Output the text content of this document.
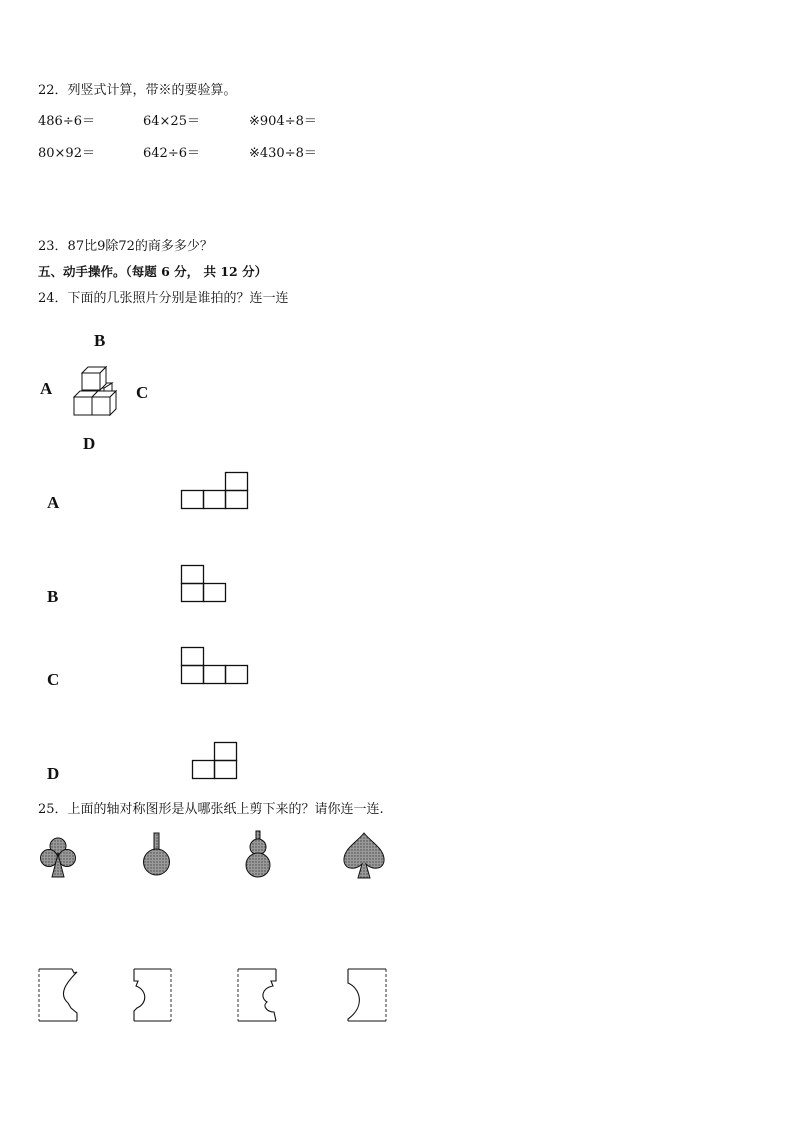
22．列竖式计算，带※的要验算。
486÷6＝	64×25＝	※904÷8＝
80×92＝	642÷6＝	※430÷8＝
23．87比9除72的商多多少？
五、动手操作。（每题 6 分， 共 12 分）
24．下面的几张照片分别是谁拍的？连一连
B
A	C
D
A
B
C
D
25．上面的轴对称图形是从哪张纸上剪下来的？请你连一连.
